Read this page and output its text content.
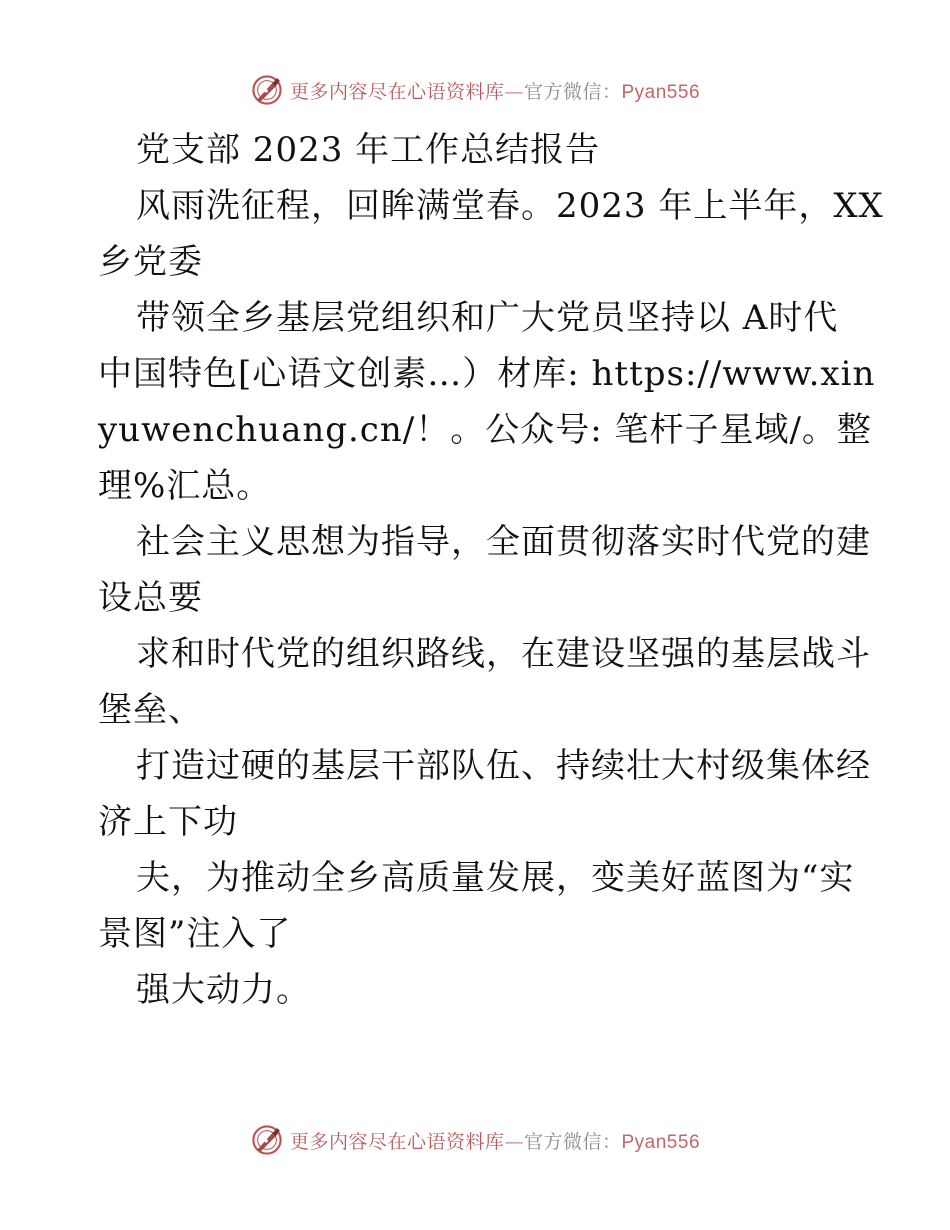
更多内容尽在心语资料库—官方微信：Pyan556
党支部 2023 年工作总结报告
风雨洗征程，回眸满堂春。2023 年上半年，XX
乡党委
带领全乡基层党组织和广大党员坚持以 A时代
中国特色[心语文创素…）材库: https://www.xin
yuwenchuang.cn/！。公众号: 笔杆子星域/。整
理%汇总。
社会主义思想为指导，全面贯彻落实时代党的建
设总要
求和时代党的组织路线，在建设坚强的基层战斗
堡垒、
打造过硬的基层干部队伍、持续壮大村级集体经
济上下功
夫，为推动全乡高质量发展，变美好蓝图为“实
景图”注入了
强大动力。
更多内容尽在心语资料库—官方微信：Pyan556
